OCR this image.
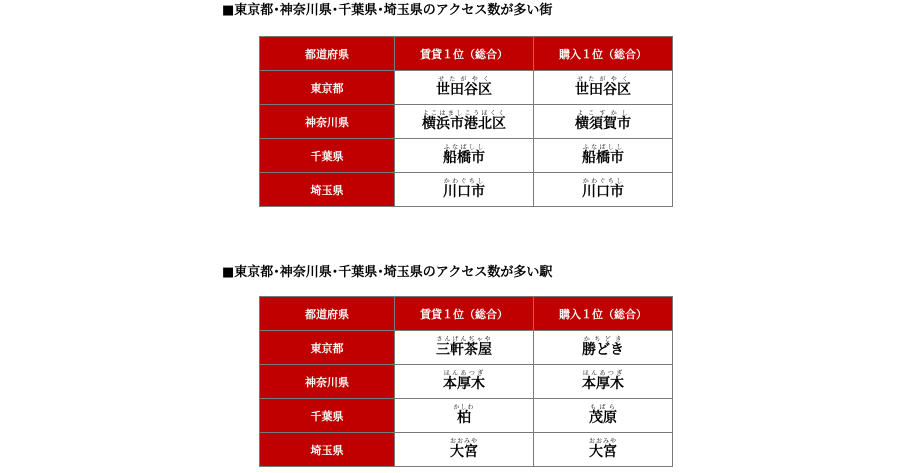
■東京都･神奈川県･千葉県･埼玉県のアクセス数が多い街
都道府県	賃貸１位（総合）	購入１位（総合）
東京都	世田谷区せたがやく	世田谷区せたがやく
神奈川県	横浜市港北区よこはましこうほくく	横須賀市よこすかし
千葉県	船橋市ふなばしし	船橋市ふなばしし
埼玉県	川口市かわぐちし	川口市かわぐちし
■東京都･神奈川県･千葉県･埼玉県のアクセス数が多い駅
都道府県	賃貸１位（総合）	購入１位（総合）
東京都	三軒茶屋さんげんぢゃや	勝どきかちどき
神奈川県	本厚木ほんあつぎ	本厚木ほんあつぎ
千葉県	柏かしわ	茂原もばら
埼玉県	大宮おおみや	大宮おおみや
